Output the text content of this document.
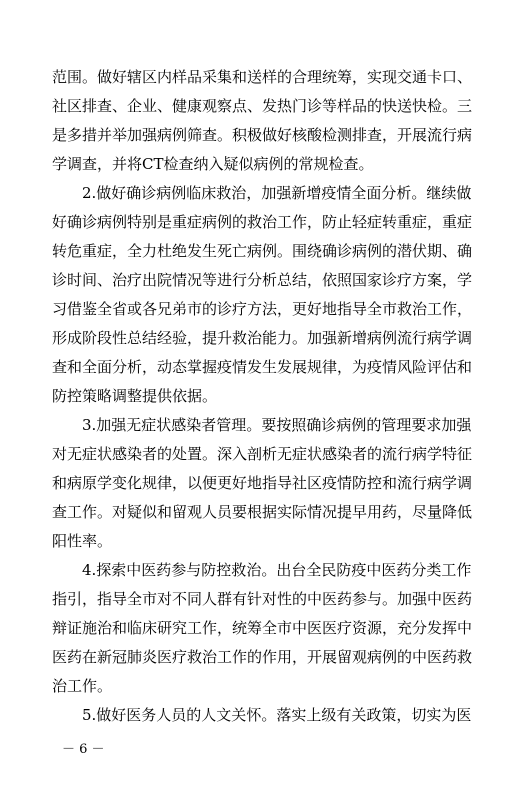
范围。做好辖区内样品采集和送样的合理统筹，实现交通卡口、
社区排查、企业、健康观察点、发热门诊等样品的快送快检。三
是多措并举加强病例筛查。积极做好核酸检测排查，开展流行病
学调查，并将CT检查纳入疑似病例的常规检查。
2.做好确诊病例临床救治，加强新增疫情全面分析。继续做
好确诊病例特别是重症病例的救治工作，防止轻症转重症，重症
转危重症，全力杜绝发生死亡病例。围绕确诊病例的潜伏期、确
诊时间、治疗出院情况等进行分析总结，依照国家诊疗方案，学
习借鉴全省或各兄弟市的诊疗方法，更好地指导全市救治工作，
形成阶段性总结经验，提升救治能力。加强新增病例流行病学调
查和全面分析，动态掌握疫情发生发展规律，为疫情风险评估和
防控策略调整提供依据。
3.加强无症状感染者管理。要按照确诊病例的管理要求加强
对无症状感染者的处置。深入剖析无症状感染者的流行病学特征
和病原学变化规律，以便更好地指导社区疫情防控和流行病学调
查工作。对疑似和留观人员要根据实际情况提早用药，尽量降低
阳性率。
4.探索中医药参与防控救治。出台全民防疫中医药分类工作
指引，指导全市对不同人群有针对性的中医药参与。加强中医药
辩证施治和临床研究工作，统筹全市中医医疗资源，充分发挥中
医药在新冠肺炎医疗救治工作的作用，开展留观病例的中医药救
治工作。
5.做好医务人员的人文关怀。落实上级有关政策，切实为医
－ 6 －
